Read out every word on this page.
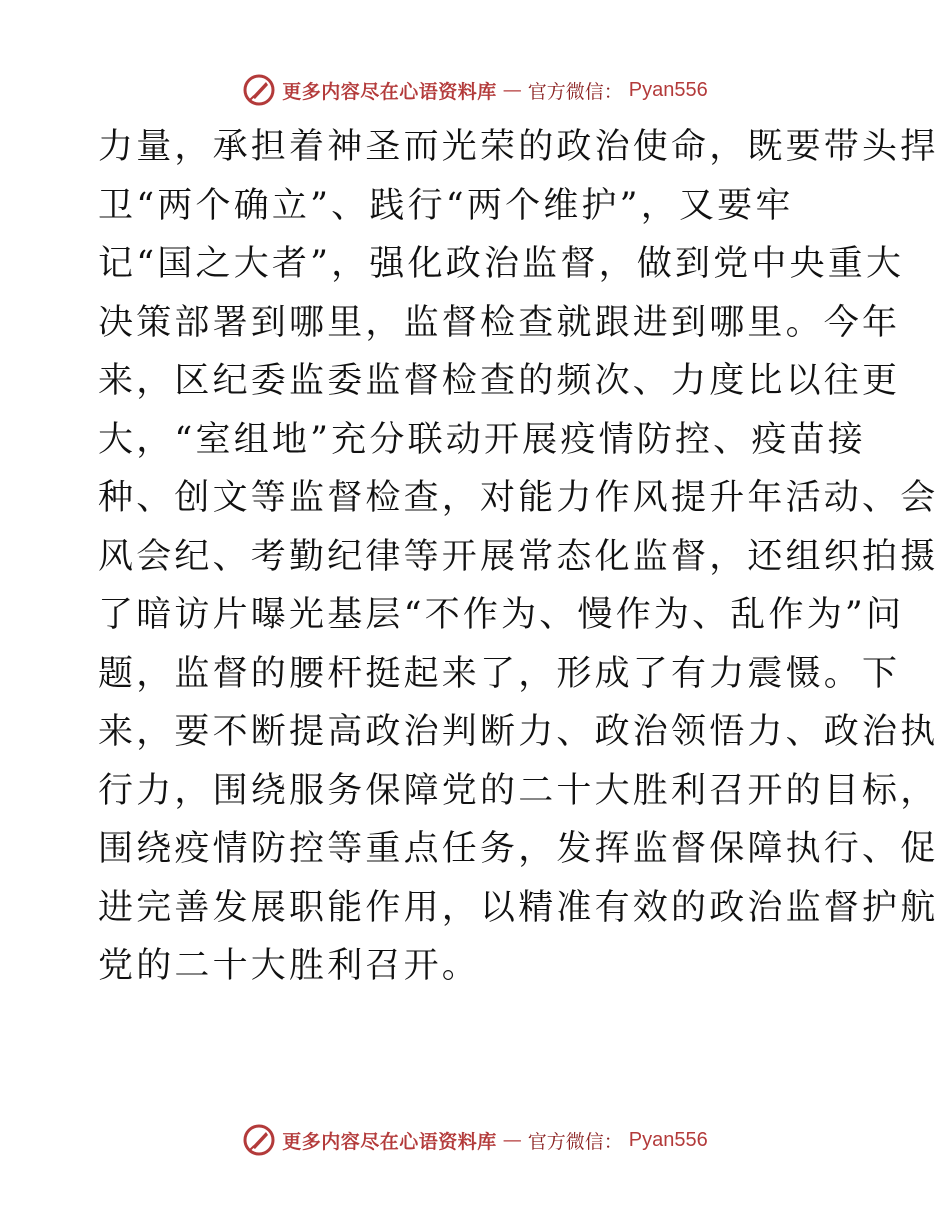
更多内容尽在心语资料库 — 官方微信： Pyan556
力量，承担着神圣而光荣的政治使命，既要带头捍
卫“两个确立”、践行“两个维护”，又要牢
记“国之大者”，强化政治监督，做到党中央重大
决策部署到哪里，监督检查就跟进到哪里。今年
来，区纪委监委监督检查的频次、力度比以往更
大，“室组地”充分联动开展疫情防控、疫苗接
种、创文等监督检查，对能力作风提升年活动、会
风会纪、考勤纪律等开展常态化监督，还组织拍摄
了暗访片曝光基层“不作为、慢作为、乱作为”问
题，监督的腰杆挺起来了，形成了有力震慑。下
来，要不断提高政治判断力、政治领悟力、政治执
行力，围绕服务保障党的二十大胜利召开的目标，
围绕疫情防控等重点任务，发挥监督保障执行、促
进完善发展职能作用，以精准有效的政治监督护航
党的二十大胜利召开。
更多内容尽在心语资料库 — 官方微信： Pyan556
